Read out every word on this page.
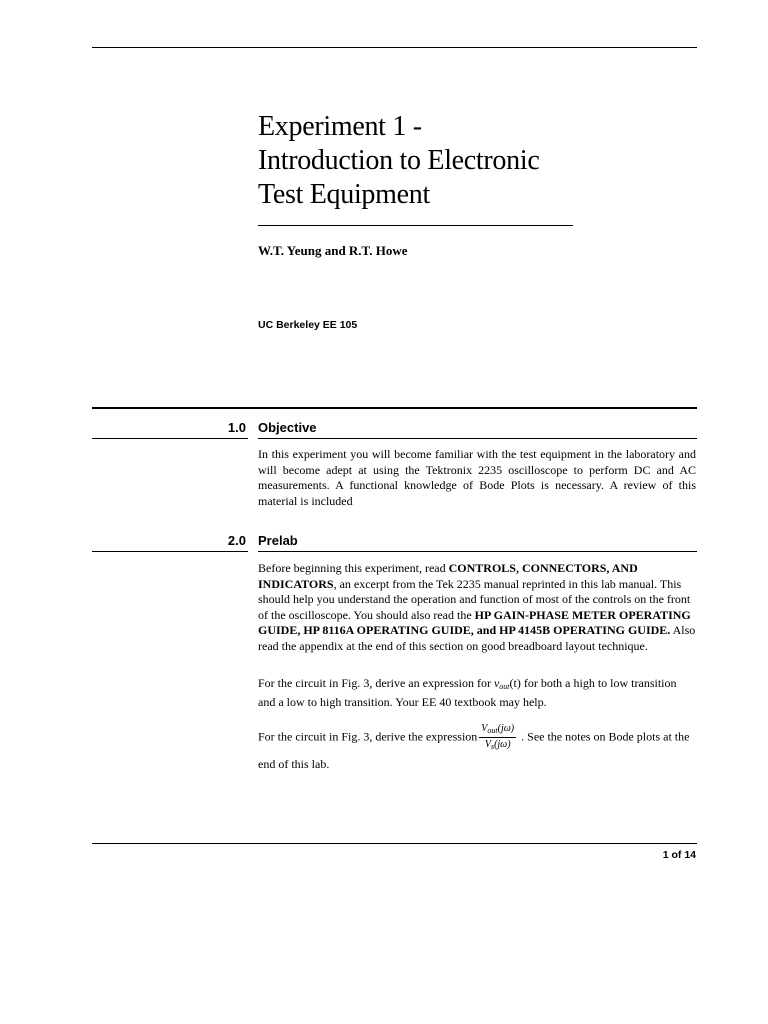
Experiment 1 -
Introduction to Electronic
Test Equipment
W.T. Yeung and R.T. Howe
UC Berkeley EE 105
1.0 Objective
In this experiment you will become familiar with the test equipment in the laboratory and will become adept at using the Tektronix 2235 oscilloscope to perform DC and AC measurements. A functional knowledge of Bode Plots is necessary. A review of this material is included
2.0 Prelab
Before beginning this experiment, read CONTROLS, CONNECTORS, AND INDICATORS, an excerpt from the Tek 2235 manual reprinted in this lab manual. This should help you understand the operation and function of most of the controls on the front of the oscilloscope. You should also read the HP GAIN-PHASE METER OPERATING GUIDE, HP 8116A OPERATING GUIDE, and HP 4145B OPERATING GUIDE. Also read the appendix at the end of this section on good breadboard layout technique.
For the circuit in Fig. 3, derive an expression for $v_{out}(t)$ for both a high to low transition and a low to high transition. Your EE 40 textbook may help.
For the circuit in Fig. 3, derive the expression $\frac{V_{out}(j\omega)}{V_s(j\omega)}$ . See the notes on Bode plots at the end of this lab.
1 of 14
